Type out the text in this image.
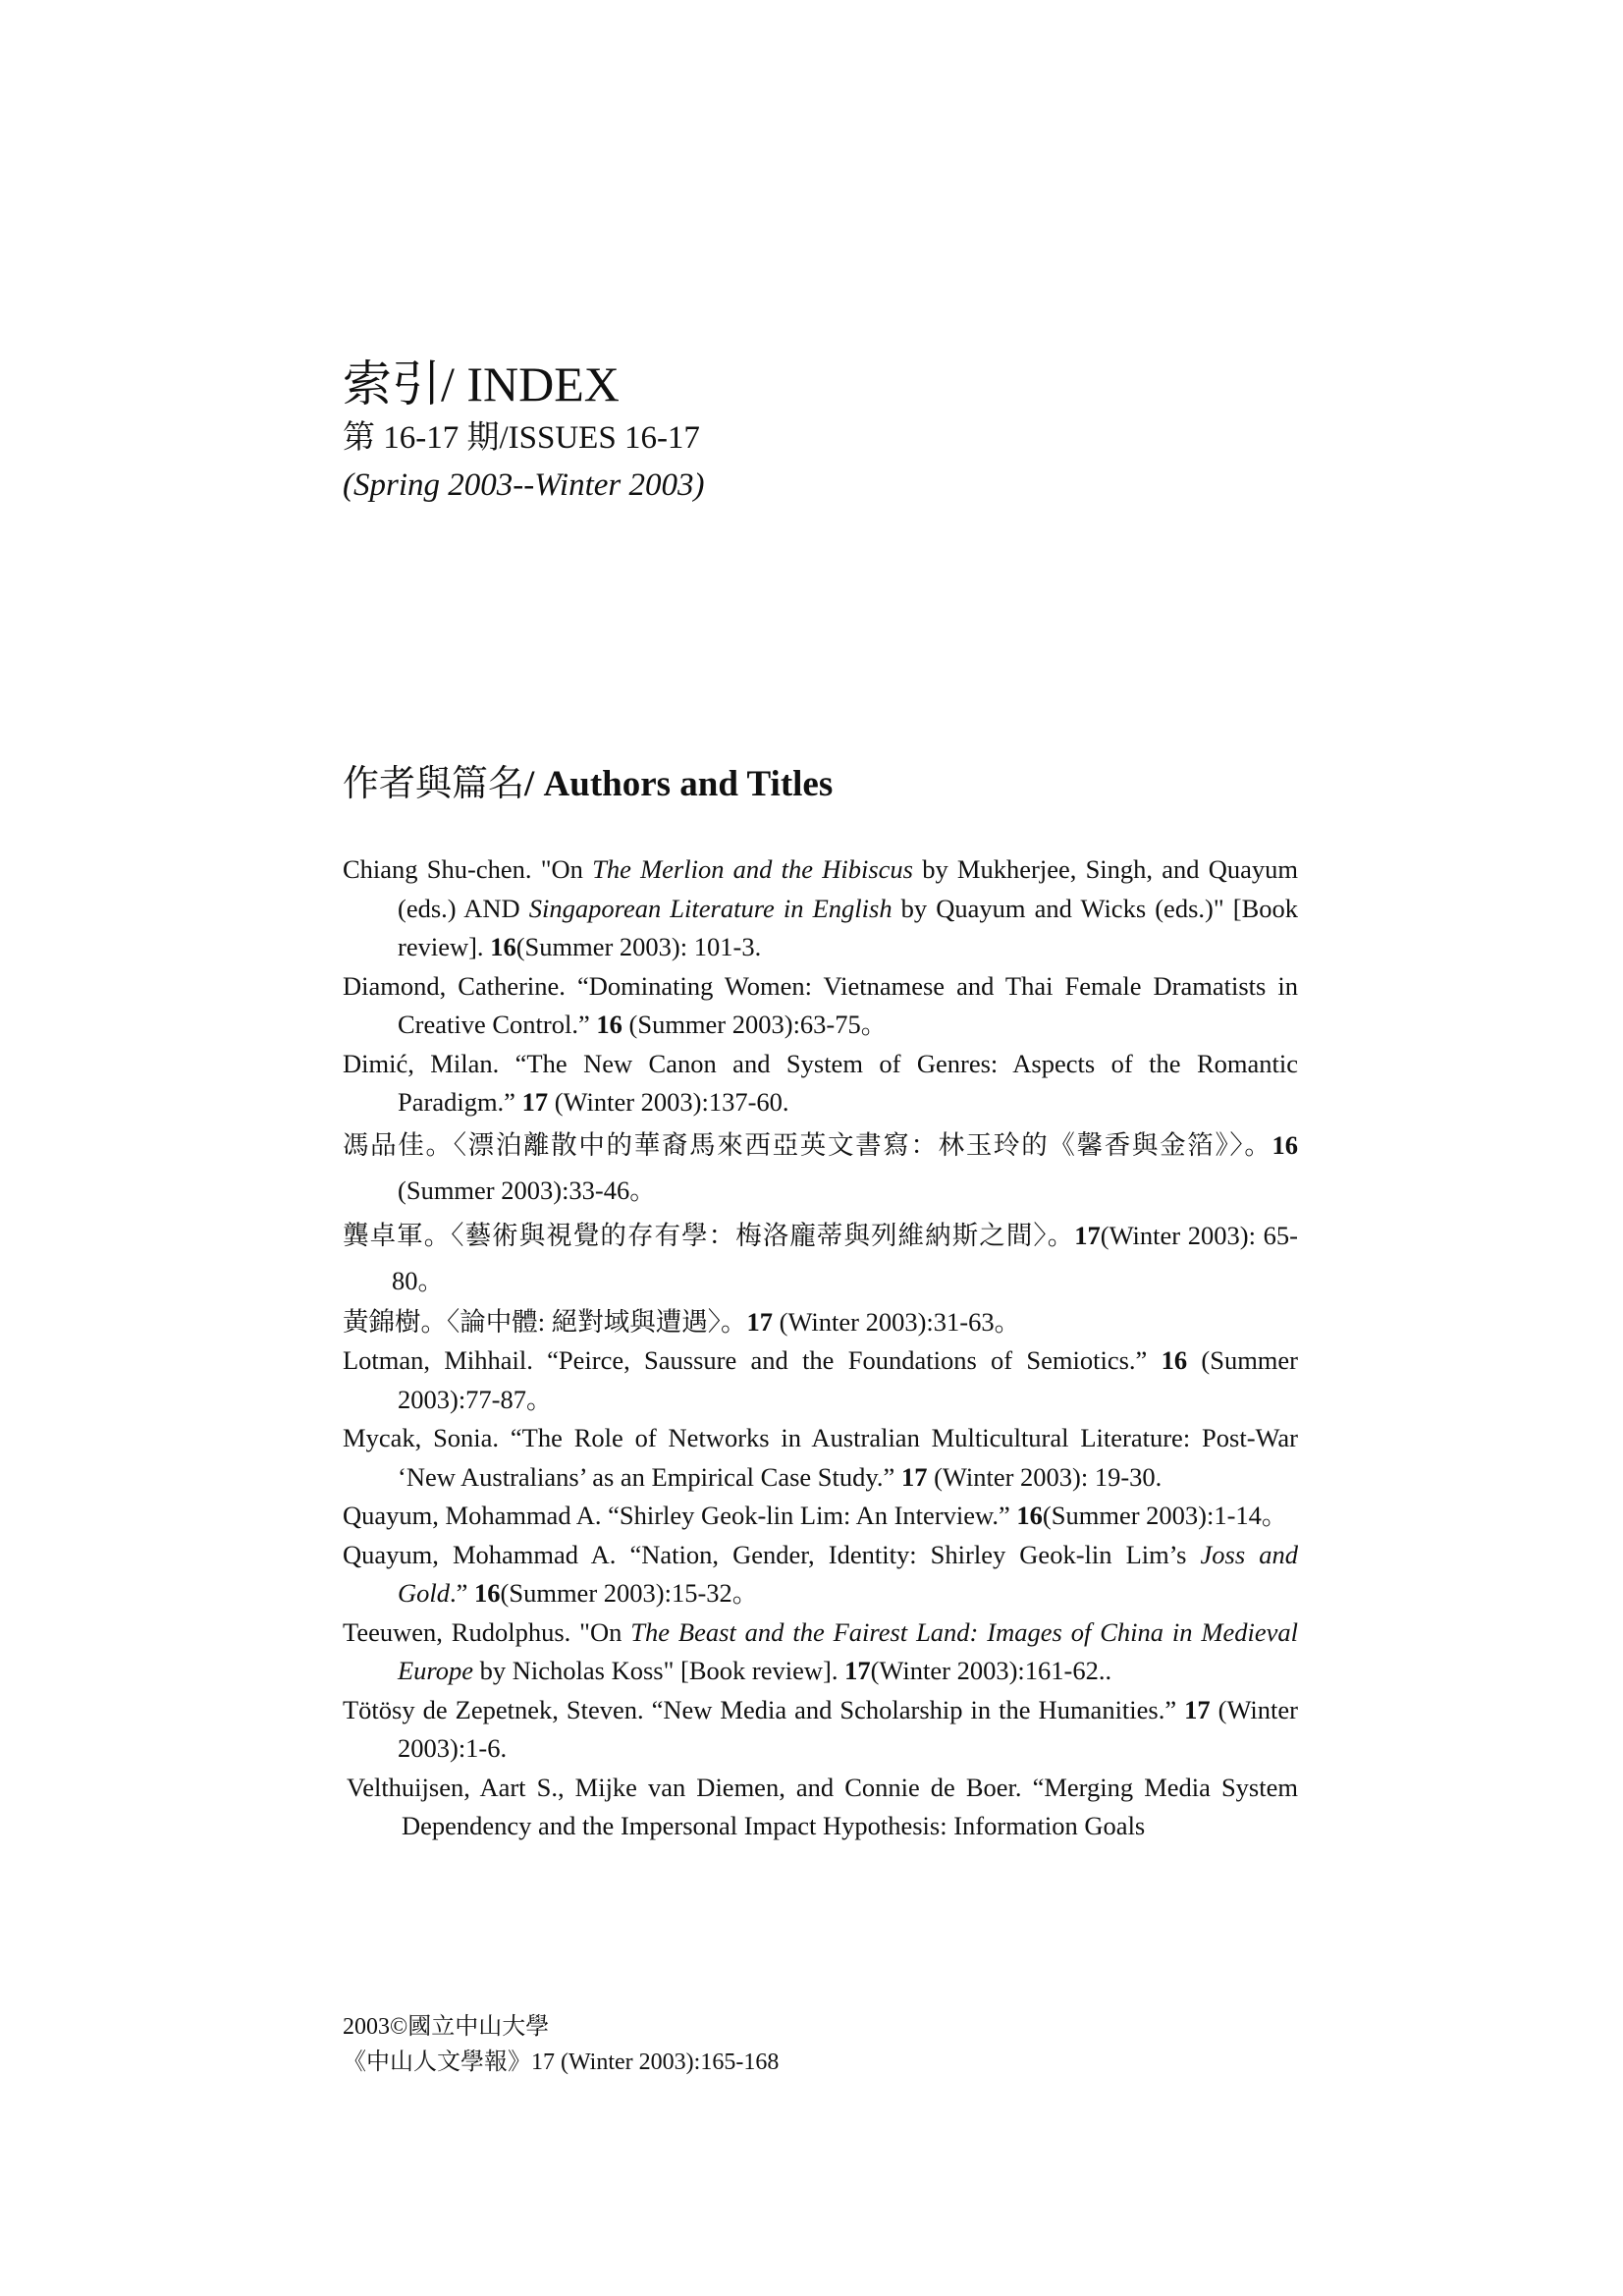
索引/ INDEX
第 16-17 期/ISSUES 16-17
(Spring 2003--Winter 2003)
作者與篇名/ Authors and Titles

Chiang Shu-chen. "On The Merlion and the Hibiscus by Mukherjee, Singh, and Quayum (eds.) AND Singaporean Literature in English by Quayum and Wicks (eds.)" [Book review]. 16(Summer 2003): 101-3.

Diamond, Catherine. “Dominating Women: Vietnamese and Thai Female Dramatists in Creative Control.” 16 (Summer 2003):63-75。

Dimić, Milan. “The New Canon and System of Genres: Aspects of the Romantic Paradigm.” 17 (Winter 2003):137-60.

馮品佳。〈漂泊離散中的華裔馬來西亞英文書寫：林玉玲的《馨香與金箔》〉。16 (Summer 2003):33-46。

龔卓軍。〈藝術與視覺的存有學：梅洛龐蒂與列維納斯之間〉。17(Winter 2003): 65-80。

黃錦樹。〈論中體: 絕對域與遭遇〉。17 (Winter 2003):31-63。

Lotman, Mihhail. “Peirce, Saussure and the Foundations of Semiotics.” 16 (Summer 2003):77-87。

Mycak, Sonia. “The Role of Networks in Australian Multicultural Literature: Post-War ‘New Australians’ as an Empirical Case Study.” 17 (Winter 2003): 19-30.

Quayum, Mohammad A. “Shirley Geok-lin Lim: An Interview.” 16(Summer 2003):1-14。

Quayum, Mohammad A. “Nation, Gender, Identity: Shirley Geok-lin Lim’s Joss and Gold.” 16(Summer 2003):15-32。

Teeuwen, Rudolphus. "On The Beast and the Fairest Land: Images of China in Medieval Europe by Nicholas Koss" [Book review]. 17(Winter 2003):161-62..

Tötösy de Zepetnek, Steven. “New Media and Scholarship in the Humanities.” 17 (Winter 2003):1-6.

Velthuijsen, Aart S., Mijke van Diemen, and Connie de Boer. “Merging Media System Dependency and the Impersonal Impact Hypothesis: Information Goals

2003©國立中山大學
《中山人文學報》17 (Winter 2003):165-168
